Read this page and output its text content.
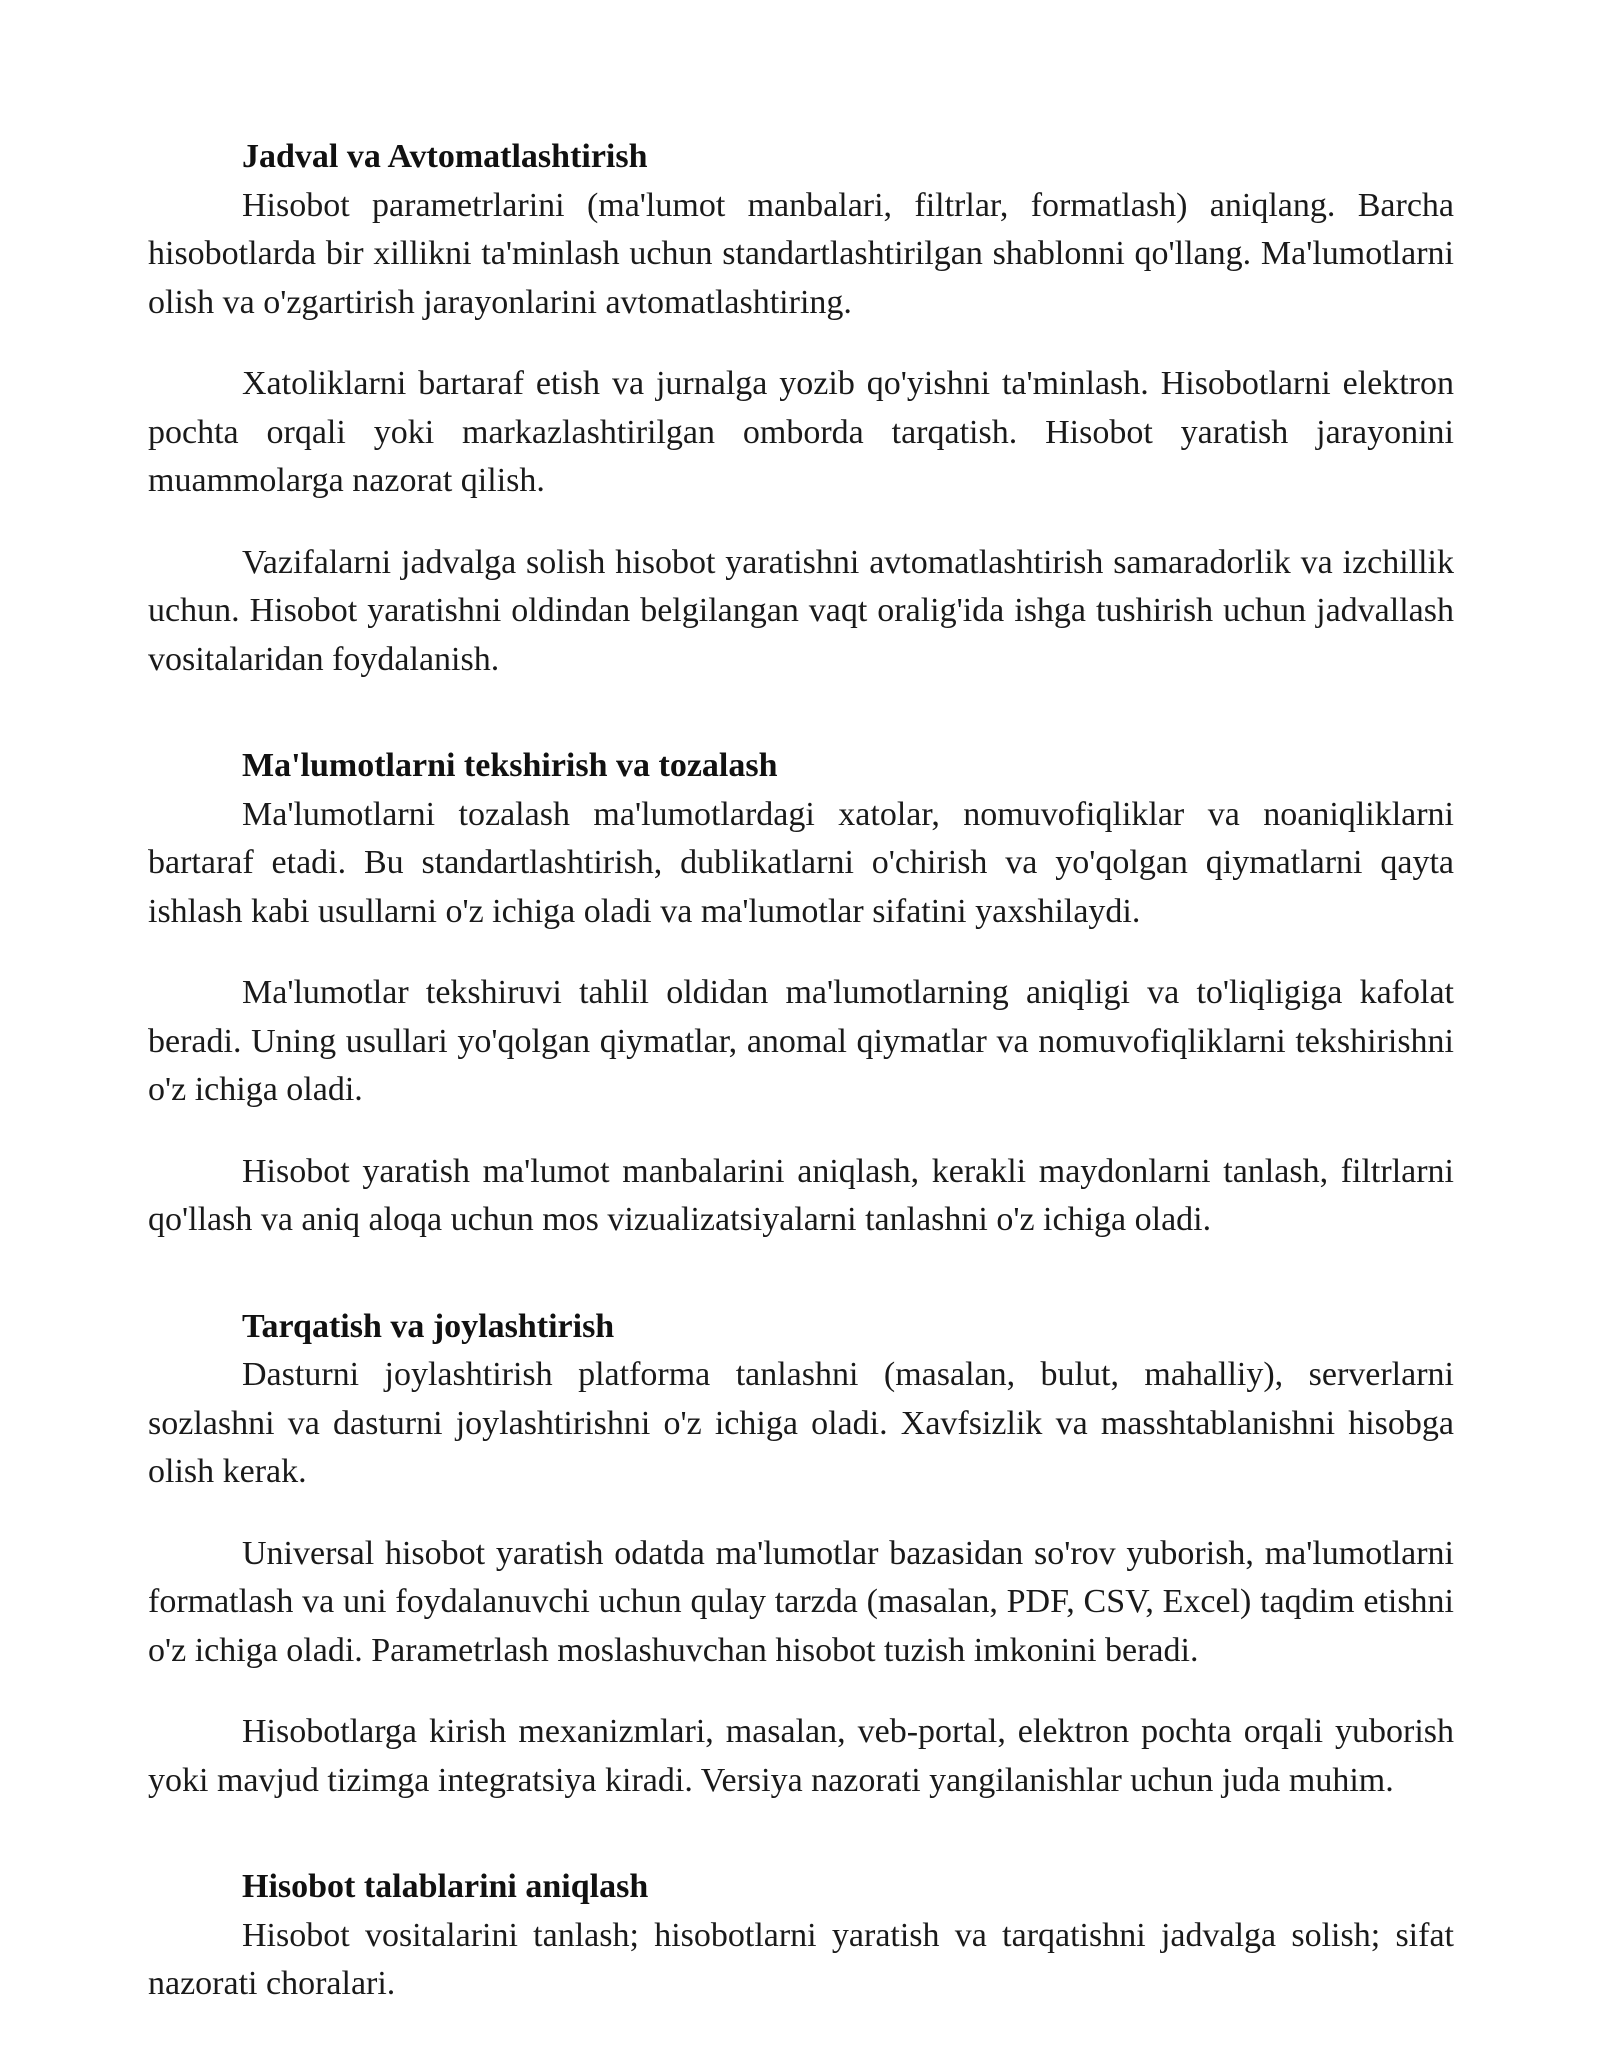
Jadval va Avtomatlashtirish

Hisobot parametrlarini (ma'lumot manbalari, filtrlar, formatlash) aniqlang. Barcha hisobotlarda bir xillikni ta'minlash uchun standartlashtirilgan shablonni qo'llang. Ma'lumotlarni olish va o'zgartirish jarayonlarini avtomatlashtiring.

Xatoliklarni bartaraf etish va jurnalga yozib qo'yishni ta'minlash. Hisobotlarni elektron pochta orqali yoki markazlashtirilgan omborda tarqatish. Hisobot yaratish jarayonini muammolarga nazorat qilish.

Vazifalarni jadvalga solish hisobot yaratishni avtomatlashtirish samaradorlik va izchillik uchun. Hisobot yaratishni oldindan belgilangan vaqt oralig'ida ishga tushirish uchun jadvallash vositalaridan foydalanish.

Ma'lumotlarni tekshirish va tozalash

Ma'lumotlarni tozalash ma'lumotlardagi xatolar, nomuvofiqliklar va noaniqliklarni bartaraf etadi. Bu standartlashtirish, dublikatlarni o'chirish va yo'qolgan qiymatlarni qayta ishlash kabi usullarni o'z ichiga oladi va ma'lumotlar sifatini yaxshilaydi.

Ma'lumotlar tekshiruvi tahlil oldidan ma'lumotlarning aniqligi va to'liqligiga kafolat beradi. Uning usullari yo'qolgan qiymatlar, anomal qiymatlar va nomuvofiqliklarni tekshirishni o'z ichiga oladi.

Hisobot yaratish ma'lumot manbalarini aniqlash, kerakli maydonlarni tanlash, filtrlarni qo'llash va aniq aloqa uchun mos vizualizatsiyalarni tanlashni o'z ichiga oladi.

Tarqatish va joylashtirish

Dasturni joylashtirish platforma tanlashni (masalan, bulut, mahalliy), serverlarni sozlashni va dasturni joylashtirishni o'z ichiga oladi. Xavfsizlik va masshtablanishni hisobga olish kerak.

Universal hisobot yaratish odatda ma'lumotlar bazasidan so'rov yuborish, ma'lumotlarni formatlash va uni foydalanuvchi uchun qulay tarzda (masalan, PDF, CSV, Excel) taqdim etishni o'z ichiga oladi. Parametrlash moslashuvchan hisobot tuzish imkonini beradi.

Hisobotlarga kirish mexanizmlari, masalan, veb-portal, elektron pochta orqali yuborish yoki mavjud tizimga integratsiya kiradi. Versiya nazorati yangilanishlar uchun juda muhim.

Hisobot talablarini aniqlash

Hisobot vositalarini tanlash; hisobotlarni yaratish va tarqatishni jadvalga solish; sifat nazorati choralari.
